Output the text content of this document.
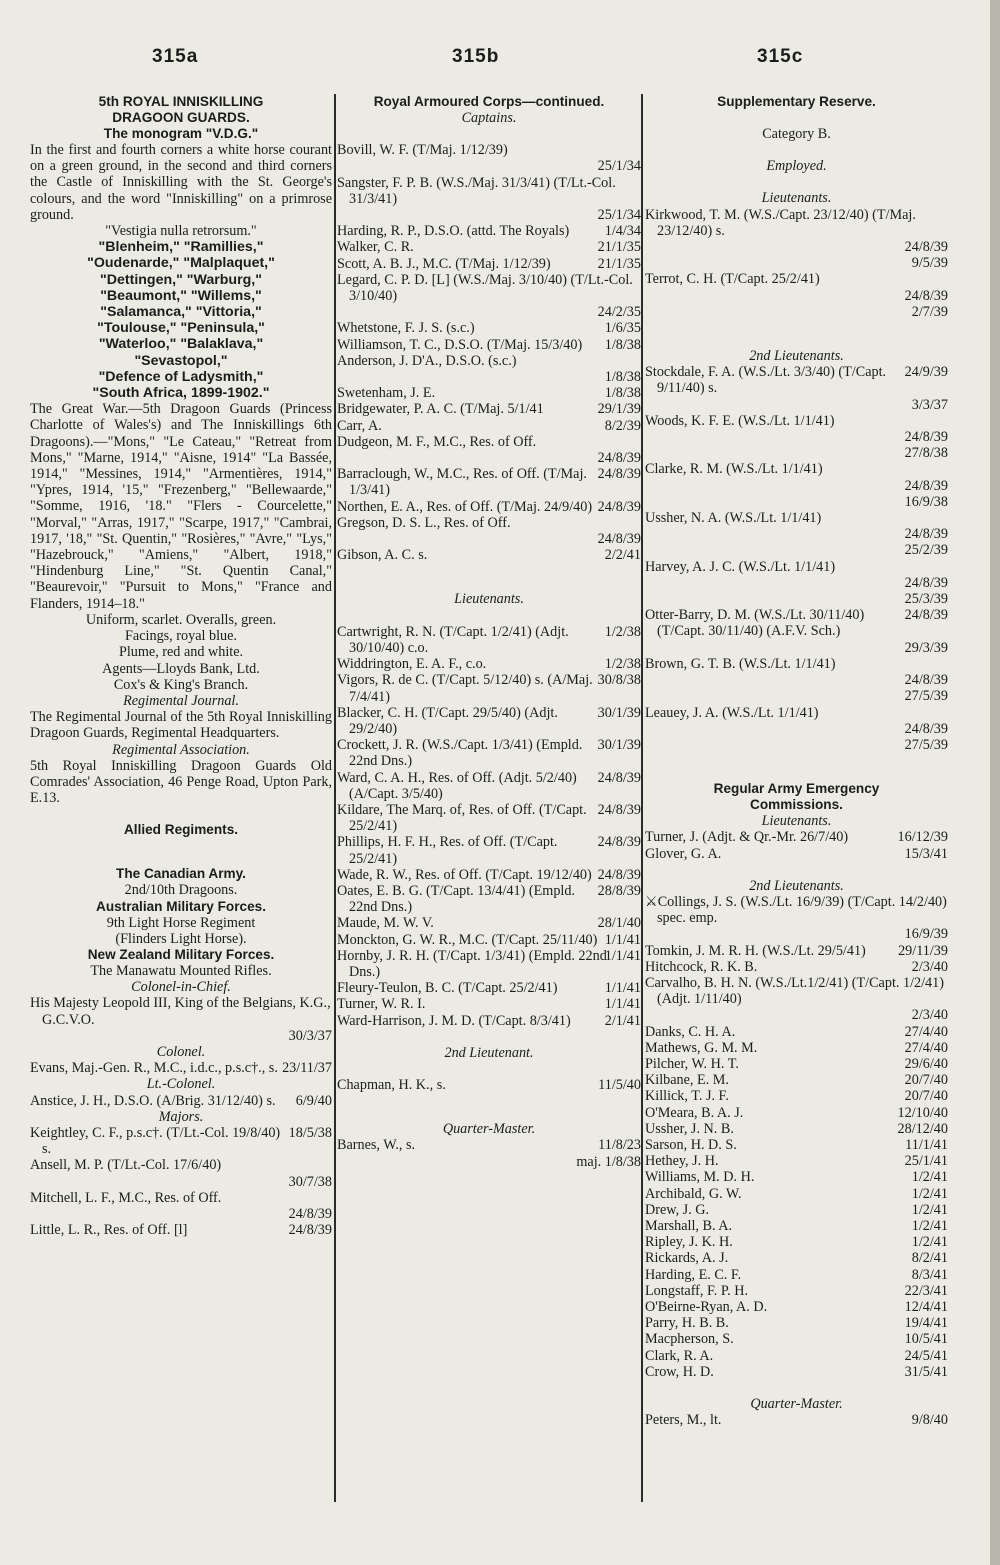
315a	315b	315c
5th ROYAL INNISKILLING
DRAGOON GUARDS.
The monogram "V.D.G."
In the first and fourth corners a white horse courant on a green ground, in the second and third corners the Castle of Inniskilling with the St. George's colours, and the word "Inniskilling" on a primrose ground.
"Vestigia nulla retrorsum."
"Blenheim," "Ramillies,"
"Oudenarde," "Malplaquet,"
"Dettingen," "Warburg,"
"Beaumont," "Willems,"
"Salamanca," "Vittoria,"
"Toulouse," "Peninsula,"
"Waterloo," "Balaklava,"
"Sevastopol,"
"Defence of Ladysmith,"
"South Africa, 1899-1902."
The Great War.—5th Dragoon Guards (Princess Charlotte of Wales's) and The Inniskillings 6th Dragoons).—"Mons," "Le Cateau," "Retreat from Mons," "Marne, 1914," "Aisne, 1914" "La Bassée, 1914," "Messines, 1914," "Armentières, 1914," "Ypres, 1914, '15," "Frezenberg," "Bellewaarde," "Somme, 1916, '18." "Flers - Courcelette," "Morval," "Arras, 1917," "Scarpe, 1917," "Cambrai, 1917, '18," "St. Quentin," "Rosières," "Avre," "Lys," "Hazebrouck," "Amiens," "Albert, 1918," "Hindenburg Line," "St. Quentin Canal," "Beaurevoir," "Pursuit to Mons," "France and Flanders, 1914–18."
Uniform, scarlet. Overalls, green.
Facings, royal blue.
Plume, red and white.
Agents—Lloyds Bank, Ltd.
Cox's & King's Branch.
Regimental Journal.
The Regimental Journal of the 5th Royal Inniskilling Dragoon Guards, Regimental Headquarters.
Regimental Association.
5th Royal Inniskilling Dragoon Guards Old Comrades' Association, 46 Penge Road, Upton Park, E.13.
Allied Regiments.
The Canadian Army.
2nd/10th Dragoons.
Australian Military Forces.
9th Light Horse Regiment
(Flinders Light Horse).
New Zealand Military Forces.
The Manawatu Mounted Rifles.
Colonel-in-Chief.
His Majesty Leopold III, King of the Belgians, K.G., G.C.V.O.
30/3/37
Colonel.
23/11/37
Evans, Maj.-Gen. R., M.C., i.d.c., p.s.c†., s.
Lt.-Colonel.
6/9/40
Anstice, J. H., D.S.O. (A/Brig. 31/12/40) s.
Majors.
18/5/38
Keightley, C. F., p.s.c†. (T/Lt.-Col. 19/8/40) s.
Ansell, M. P. (T/Lt.-Col. 17/6/40)
30/7/38
Mitchell, L. F., M.C., Res. of Off.
24/8/39
24/8/39
Little, L. R., Res. of Off. [l]
Royal Armoured Corps—continued.
Captains.
Bovill, W. F. (T/Maj. 1/12/39)
25/1/34
Sangster, F. P. B. (W.S./Maj. 31/3/41) (T/Lt.-Col. 31/3/41)
25/1/34
1/4/34
Harding, R. P., D.S.O. (attd. The Royals)
21/1/35
Walker, C. R.
21/1/35
Scott, A. B. J., M.C. (T/Maj. 1/12/39)
Legard, C. P. D. [L] (W.S./Maj. 3/10/40) (T/Lt.-Col. 3/10/40)
24/2/35
1/6/35
Whetstone, F. J. S. (s.c.)
1/8/38
Williamson, T. C., D.S.O. (T/Maj. 15/3/40)
Anderson, J. D'A., D.S.O. (s.c.)
1/8/38
1/8/38
Swetenham, J. E.
29/1/39
Bridgewater, P. A. C. (T/Maj. 5/1/41
8/2/39
Carr, A.
Dudgeon, M. F., M.C., Res. of Off.
24/8/39
24/8/39
Barraclough, W., M.C., Res. of Off. (T/Maj. 1/3/41)
24/8/39
Northen, E. A., Res. of Off. (T/Maj. 24/9/40)
Gregson, D. S. L., Res. of Off.
24/8/39
2/2/41
Gibson, A. C. s.
Lieutenants.
1/2/38
Cartwright, R. N. (T/Capt. 1/2/41) (Adjt. 30/10/40) c.o.
1/2/38
Widdrington, E. A. F., c.o.
30/8/38
Vigors, R. de C. (T/Capt. 5/12/40) s. (A/Maj. 7/4/41)
30/1/39
Blacker, C. H. (T/Capt. 29/5/40) (Adjt. 29/2/40)
30/1/39
Crockett, J. R. (W.S./Capt. 1/3/41) (Empld. 22nd Dns.)
24/8/39
Ward, C. A. H., Res. of Off. (Adjt. 5/2/40) (A/Capt. 3/5/40)
24/8/39
Kildare, The Marq. of, Res. of Off. (T/Capt. 25/2/41)
24/8/39
Phillips, H. F. H., Res. of Off. (T/Capt. 25/2/41)
24/8/39
Wade, R. W., Res. of Off. (T/Capt. 19/12/40)
28/8/39
Oates, E. B. G. (T/Capt. 13/4/41) (Empld. 22nd Dns.)
28/1/40
Maude, M. W. V.
1/1/41
Monckton, G. W. R., M.C. (T/Capt. 25/11/40)
1/1/41
Hornby, J. R. H. (T/Capt. 1/3/41) (Empld. 22nd Dns.)
1/1/41
Fleury-Teulon, B. C. (T/Capt. 25/2/41)
1/1/41
Turner, W. R. I.
2/1/41
Ward-Harrison, J. M. D. (T/Capt. 8/3/41)
2nd Lieutenant.
11/5/40
Chapman, H. K., s.
Quarter-Master.
11/8/23
Barnes, W., s.
maj. 1/8/38
Supplementary Reserve.
Category B.
Employed.
Lieutenants.
Kirkwood, T. M. (W.S./Capt. 23/12/40) (T/Maj. 23/12/40) s.
24/8/39
9/5/39
Terrot, C. H. (T/Capt. 25/2/41)
24/8/39
2/7/39
2nd Lieutenants.
24/9/39
Stockdale, F. A. (W.S./Lt. 3/3/40) (T/Capt. 9/11/40) s.
3/3/37
Woods, K. F. E. (W.S./Lt. 1/1/41)
24/8/39
27/8/38
Clarke, R. M. (W.S./Lt. 1/1/41)
24/8/39
16/9/38
Ussher, N. A. (W.S./Lt. 1/1/41)
24/8/39
25/2/39
Harvey, A. J. C. (W.S./Lt. 1/1/41)
24/8/39
25/3/39
24/8/39
Otter-Barry, D. M. (W.S./Lt. 30/11/40) (T/Capt. 30/11/40) (A.F.V. Sch.)
29/3/39
Brown, G. T. B. (W.S./Lt. 1/1/41)
24/8/39
27/5/39
Leauey, J. A. (W.S./Lt. 1/1/41)
24/8/39
27/5/39
Regular Army Emergency
Commissions.
Lieutenants.
16/12/39
Turner, J. (Adjt. & Qr.-Mr. 26/7/40)
15/3/41
Glover, G. A.
2nd Lieutenants.
⚔Collings, J. S. (W.S./Lt. 16/9/39) (T/Capt. 14/2/40) spec. emp.
16/9/39
29/11/39
Tomkin, J. M. R. H. (W.S./Lt. 29/5/41)
2/3/40
Hitchcock, R. K. B.
Carvalho, B. H. N. (W.S./Lt.1/2/41) (T/Capt. 1/2/41) (Adjt. 1/11/40)
2/3/40
27/4/40
Danks, C. H. A.
27/4/40
Mathews, G. M. M.
29/6/40
Pilcher, W. H. T.
20/7/40
Kilbane, E. M.
20/7/40
Killick, T. J. F.
12/10/40
O'Meara, B. A. J.
28/12/40
Ussher, J. N. B.
11/1/41
Sarson, H. D. S.
25/1/41
Hethey, J. H.
1/2/41
Williams, M. D. H.
1/2/41
Archibald, G. W.
1/2/41
Drew, J. G.
1/2/41
Marshall, B. A.
1/2/41
Ripley, J. K. H.
8/2/41
Rickards, A. J.
8/3/41
Harding, E. C. F.
22/3/41
Longstaff, F. P. H.
12/4/41
O'Beirne-Ryan, A. D.
19/4/41
Parry, H. B. B.
10/5/41
Macpherson, S.
24/5/41
Clark, R. A.
31/5/41
Crow, H. D.
Quarter-Master.
9/8/40
Peters, M., lt.
